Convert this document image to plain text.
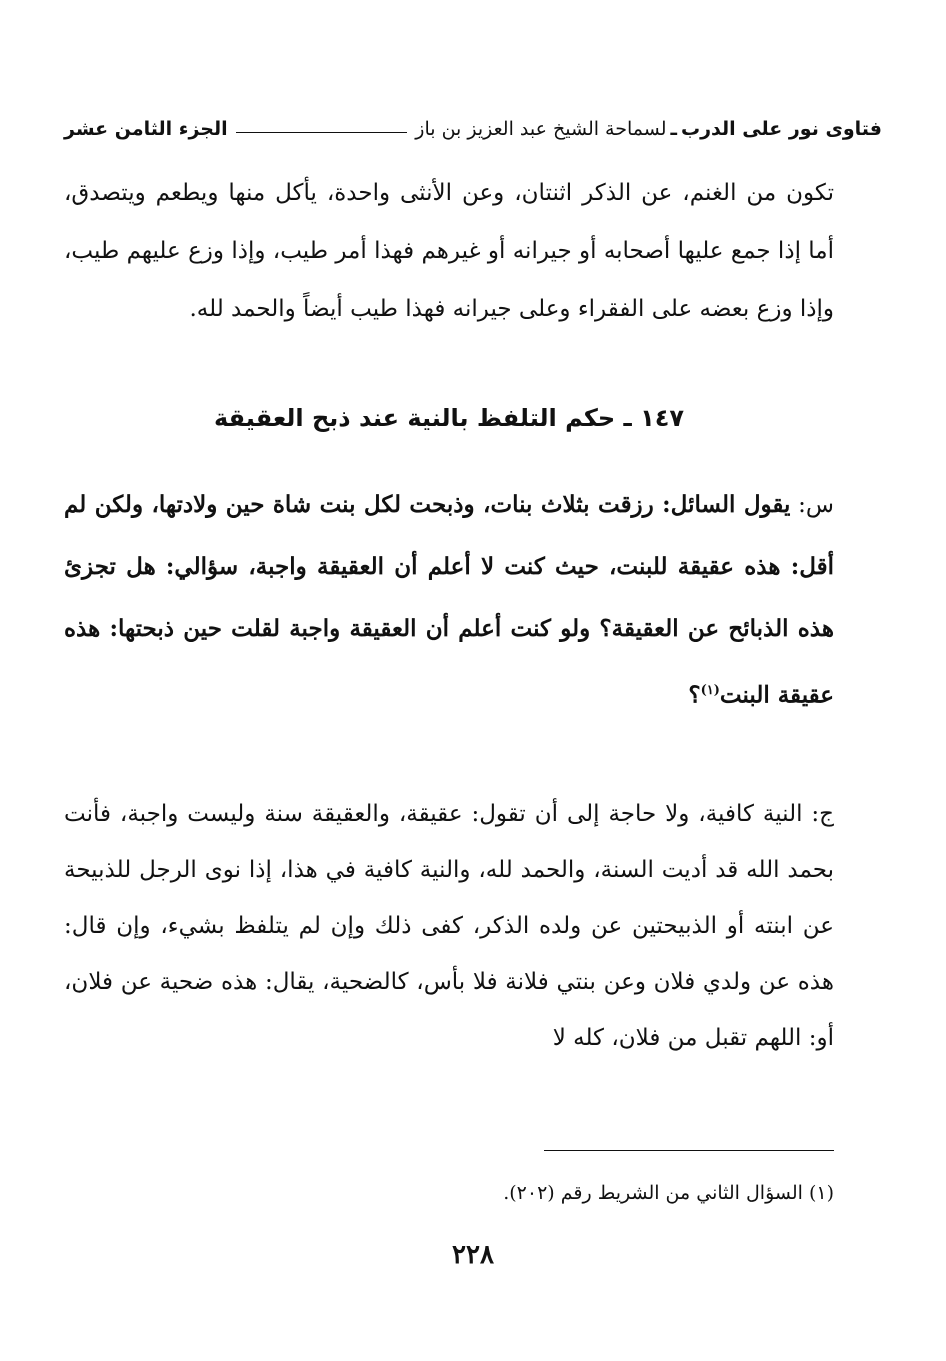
فتاوى نور على الدرب
ـ
لسماحة الشيخ عبد العزيز بن باز
الجزء الثامن عشر

تكون من الغنم، عن الذكر اثنتان، وعن الأنثى واحدة، يأكل منها ويطعم ويتصدق، أما إذا جمع عليها أصحابه أو جيرانه أو غيرهم فهذا أمر طيب، وإذا وزع عليهم طيب، وإذا وزع بعضه على الفقراء وعلى جيرانه فهذا طيب أيضاً والحمد لله.

١٤٧ ـ حكم التلفظ بالنية عند ذبح العقيقة

س: يقول السائل: رزقت بثلاث بنات، وذبحت لكل بنت شاة حين ولادتها، ولكن لم أقل: هذه عقيقة للبنت، حيث كنت لا أعلم أن العقيقة واجبة، سؤالي: هل تجزئ هذه الذبائح عن العقيقة؟ ولو كنت أعلم أن العقيقة واجبة لقلت حين ذبحتها: هذه عقيقة البنت$^{(١)}$؟

ج: النية كافية، ولا حاجة إلى أن تقول: عقيقة، والعقيقة سنة وليست واجبة، فأنت بحمد الله قد أديت السنة، والحمد لله، والنية كافية في هذا، إذا نوى الرجل للذبيحة عن ابنته أو الذبيحتين عن ولده الذكر، كفى ذلك وإن لم يتلفظ بشيء، وإن قال: هذه عن ولدي فلان وعن بنتي فلانة فلا بأس، كالضحية، يقال: هذه ضحية عن فلان، أو: اللهم تقبل من فلان، كله لا

(١) السؤال الثاني من الشريط رقم (٢٠٢).
٢٢٨
